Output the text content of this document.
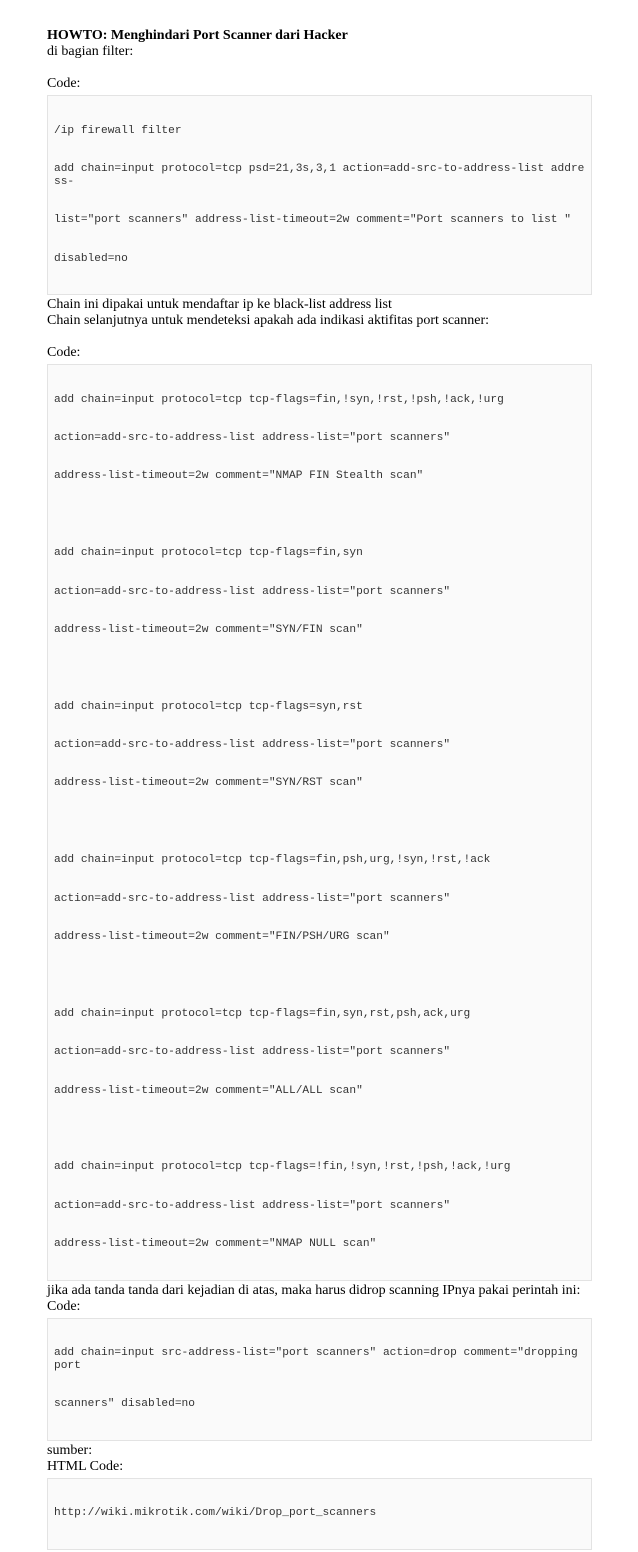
HOWTO: Menghindari Port Scanner dari Hacker

di bagian filter:

Code:

/ip firewall filter

add chain=input protocol=tcp psd=21,3s,3,1 action=add-src-to-address-list address-

list="port scanners" address-list-timeout=2w comment="Port scanners to list "

disabled=no

Chain ini dipakai untuk mendaftar ip ke black-list address list

Chain selanjutnya untuk mendeteksi apakah ada indikasi aktifitas port scanner:

Code:

add chain=input protocol=tcp tcp-flags=fin,!syn,!rst,!psh,!ack,!urg

action=add-src-to-address-list address-list="port scanners"

address-list-timeout=2w comment="NMAP FIN Stealth scan"

add chain=input protocol=tcp tcp-flags=fin,syn

action=add-src-to-address-list address-list="port scanners"

address-list-timeout=2w comment="SYN/FIN scan"

add chain=input protocol=tcp tcp-flags=syn,rst

action=add-src-to-address-list address-list="port scanners"

address-list-timeout=2w comment="SYN/RST scan"

add chain=input protocol=tcp tcp-flags=fin,psh,urg,!syn,!rst,!ack

action=add-src-to-address-list address-list="port scanners"

address-list-timeout=2w comment="FIN/PSH/URG scan"

add chain=input protocol=tcp tcp-flags=fin,syn,rst,psh,ack,urg

action=add-src-to-address-list address-list="port scanners"

address-list-timeout=2w comment="ALL/ALL scan"

add chain=input protocol=tcp tcp-flags=!fin,!syn,!rst,!psh,!ack,!urg

action=add-src-to-address-list address-list="port scanners"

address-list-timeout=2w comment="NMAP NULL scan"

jika ada tanda tanda dari kejadian di atas, maka harus didrop scanning IPnya pakai perintah ini:

Code:

add chain=input src-address-list="port scanners" action=drop comment="dropping port

scanners" disabled=no

sumber:

HTML Code:

http://wiki.mikrotik.com/wiki/Drop_port_scanners
